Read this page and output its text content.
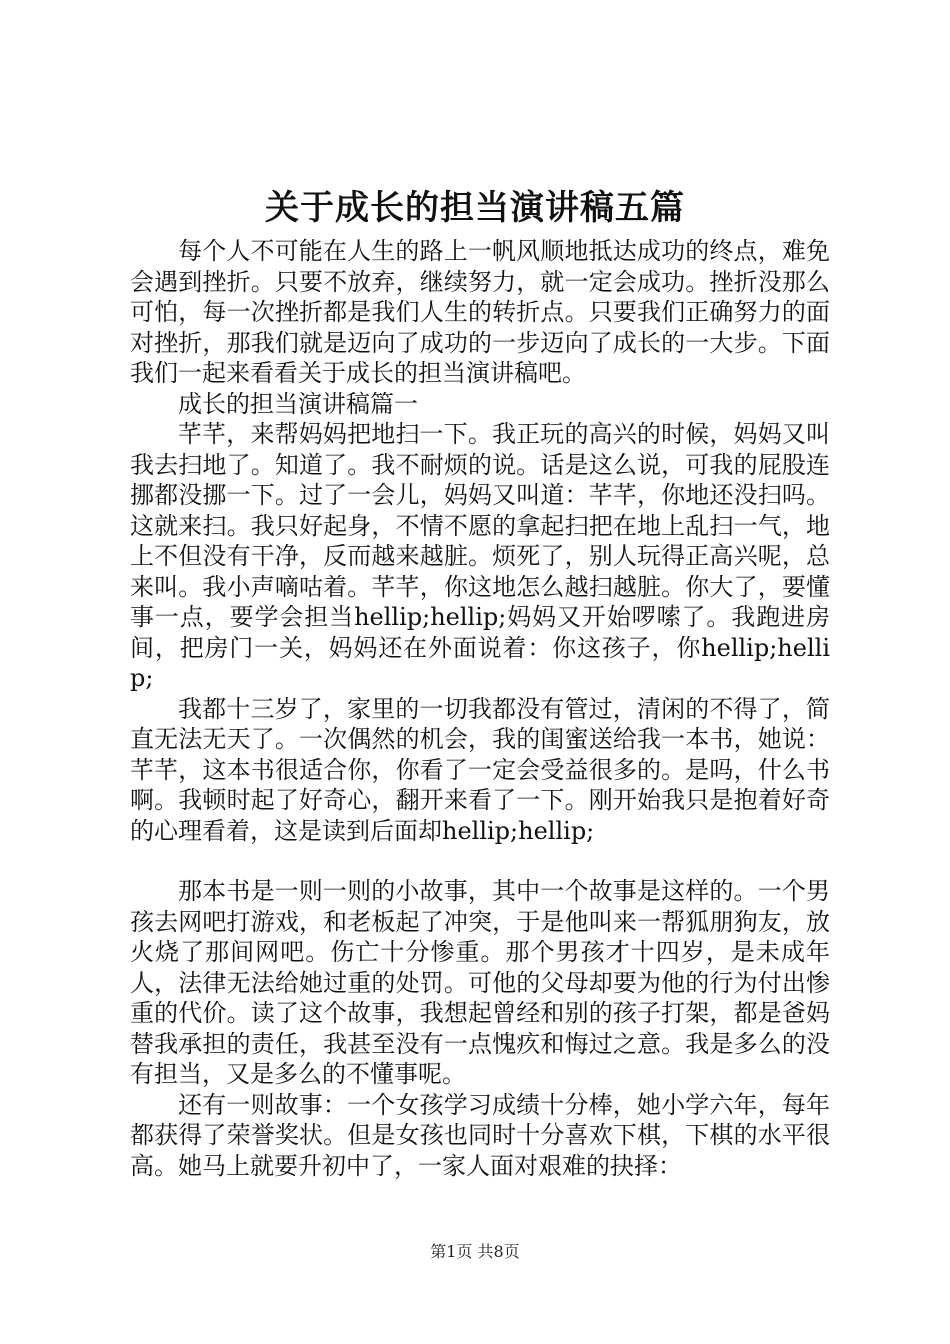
关于成长的担当演讲稿五篇

每个人不可能在人生的路上一帆风顺地抵达成功的终点，难免会遇到挫折。只要不放弃，继续努力，就一定会成功。挫折没那么可怕，每一次挫折都是我们人生的转折点。只要我们正确努力的面对挫折，那我们就是迈向了成功的一步迈向了成长的一大步。下面我们一起来看看关于成长的担当演讲稿吧。

成长的担当演讲稿篇一

芊芊，来帮妈妈把地扫一下。我正玩的高兴的时候，妈妈又叫我去扫地了。知道了。我不耐烦的说。话是这么说，可我的屁股连挪都没挪一下。过了一会儿，妈妈又叫道：芊芊，你地还没扫吗。这就来扫。我只好起身，不情不愿的拿起扫把在地上乱扫一气，地上不但没有干净，反而越来越脏。烦死了，别人玩得正高兴呢，总来叫。我小声嘀咕着。芊芊，你这地怎么越扫越脏。你大了，要懂事一点，要学会担当hellip;hellip;妈妈又开始啰嗦了。我跑进房间，把房门一关，妈妈还在外面说着：你这孩子，你hellip;hellip;

我都十三岁了，家里的一切我都没有管过，清闲的不得了，简直无法无天了。一次偶然的机会，我的闺蜜送给我一本书，她说：芊芊，这本书很适合你，你看了一定会受益很多的。是吗，什么书啊。我顿时起了好奇心，翻开来看了一下。刚开始我只是抱着好奇的心理看着，这是读到后面却hellip;hellip;

那本书是一则一则的小故事，其中一个故事是这样的。一个男孩去网吧打游戏，和老板起了冲突，于是他叫来一帮狐朋狗友，放火烧了那间网吧。伤亡十分惨重。那个男孩才十四岁，是未成年人，法律无法给她过重的处罚。可他的父母却要为他的行为付出惨重的代价。读了这个故事，我想起曾经和别的孩子打架，都是爸妈替我承担的责任，我甚至没有一点愧疚和悔过之意。我是多么的没有担当，又是多么的不懂事呢。

还有一则故事：一个女孩学习成绩十分棒，她小学六年，每年都获得了荣誉奖状。但是女孩也同时十分喜欢下棋，下棋的水平很高。她马上就要升初中了，一家人面对艰难的抉择：

第1页 共8页
